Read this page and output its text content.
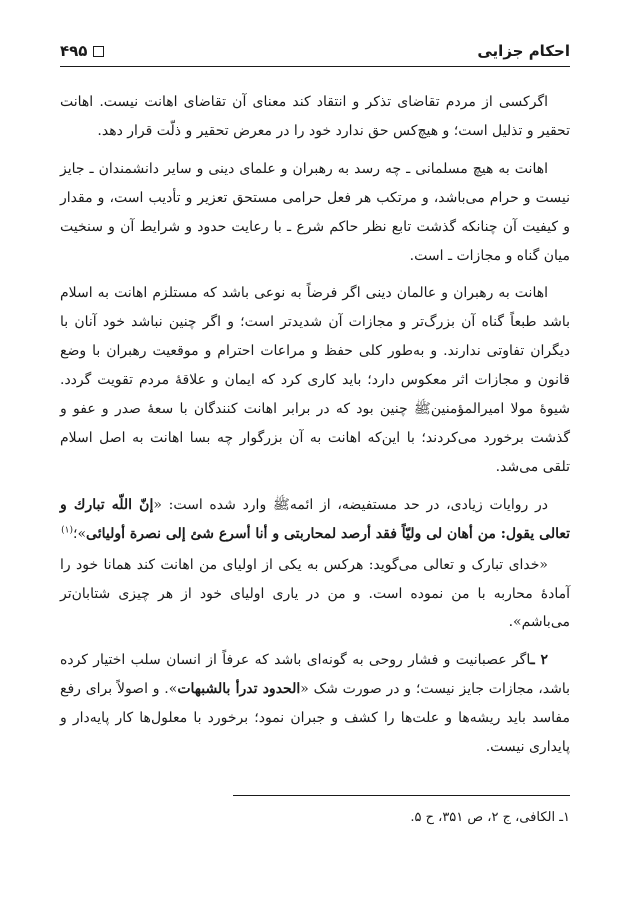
احکام جزایی
۴۹۵

اگرکسی از مردم تقاضای تذکر و انتقاد کند معنای آن تقاضای اهانت نیست. اهانت تحقیر و تذلیل است؛ و هیچ‌کس حق ندارد خود را در معرض تحقیر و ذلّت قرار دهد.

اهانت به هیچ مسلمانی ـ چه رسد به رهبران و علمای دینی و سایر دانشمندان ـ جایز نیست و حرام می‌باشد، و مرتکب هر فعل حرامی مستحق تعزیر و تأدیب است، و مقدار و کیفیت آن چنانکه گذشت تابع نظر حاکم شرع ـ با رعایت حدود و شرایط آن و سنخیت میان گناه و مجازات ـ است.

اهانت به رهبران و عالمان دینی اگر فرضاً به نوعی باشد که مستلزم اهانت به اسلام باشد طبعاً گناه آن بزرگ‌تر و مجازات آن شدیدتر است؛ و اگر چنین نباشد خود آنان با دیگران تفاوتی ندارند. و به‌طور کلی حفظ و مراعات احترام و موقعیت رهبران با وضع قانون و مجازات اثر معکوس دارد؛ باید کاری کرد که ایمان و علاقهٔ مردم تقویت گردد. شیوهٔ مولا امیرالمؤمنین‌ﷺ چنین بود که در برابر اهانت کنندگان با سعهٔ صدر و عفو و گذشت برخورد می‌کردند؛ با این‌که اهانت به آن بزرگوار چه بسا اهانت به اصل اسلام تلقی می‌شد.

در روایات زیادی، در حد مستفیضه، از ائمه‌ﷺ وارد شده است: «إنّ اللّه تبارك و تعالى يقول: من أهان لى وليّاً فقد أرصد لمحاربتى و أنا أسرع شئ إلى نصرة أوليائى»؛$^{(۱)}$

«خدای تبارک و تعالی می‌گوید: هرکس به یکی از اولیای من اهانت کند همانا خود را آمادهٔ محاربه با من نموده است. و من در یاری اولیای خود از هر چیزی شتابان‌تر می‌باشم».

۲ ـاگر عصبانیت و فشار روحی به گونه‌ای باشد که عرفاً از انسان سلب اختیار کرده باشد، مجازات جایز نیست؛ و در صورت شک «الحدود تدرأ بالشبهات». و اصولاً برای رفع مفاسد باید ریشه‌ها و علت‌ها را کشف و جبران نمود؛ برخورد با معلول‌ها کار پایه‌دار و پایداری نیست.

۱ـ الکافی، ج ۲، ص ۳۵۱، ح ۵.
